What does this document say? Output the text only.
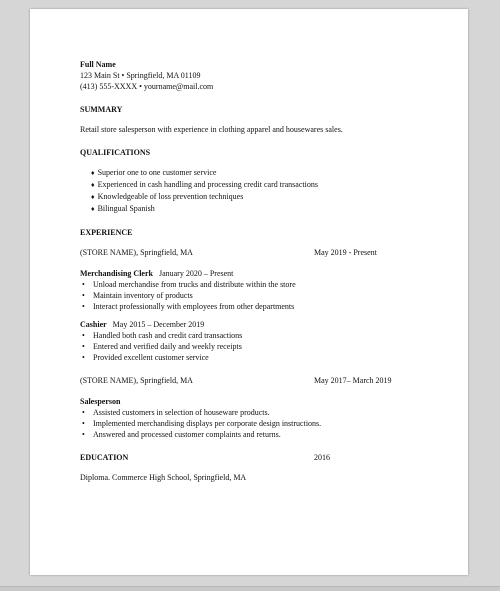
Full Name
123 Main St • Springfield, MA 01109
(413) 555-XXXX • yourname@mail.com
SUMMARY

Retail store salesperson with experience in clothing apparel and housewares sales.

QUALIFICATIONS
♦ Superior one to one customer service
♦ Experienced in cash handling and processing credit card transactions
♦ Knowledgeable of loss prevention techniques
♦ Bilingual Spanish
EXPERIENCE
(STORE NAME), Springfield, MA	May 2019 - Present
Merchandising Clerk January 2020 – Present
• Unload merchandise from trucks and distribute within the store
• Maintain inventory of products
• Interact professionally with employees from other departments
Cashier May 2015 – December 2019
• Handled both cash and credit card transactions
• Entered and verified daily and weekly receipts
• Provided excellent customer service
(STORE NAME), Springfield, MA	May 2017– March 2019
Salesperson
• Assisted customers in selection of houseware products.
• Implemented merchandising displays per corporate design instructions.
• Answered and processed customer complaints and returns.
EDUCATION	2016
Diploma. Commerce High School, Springfield, MA
